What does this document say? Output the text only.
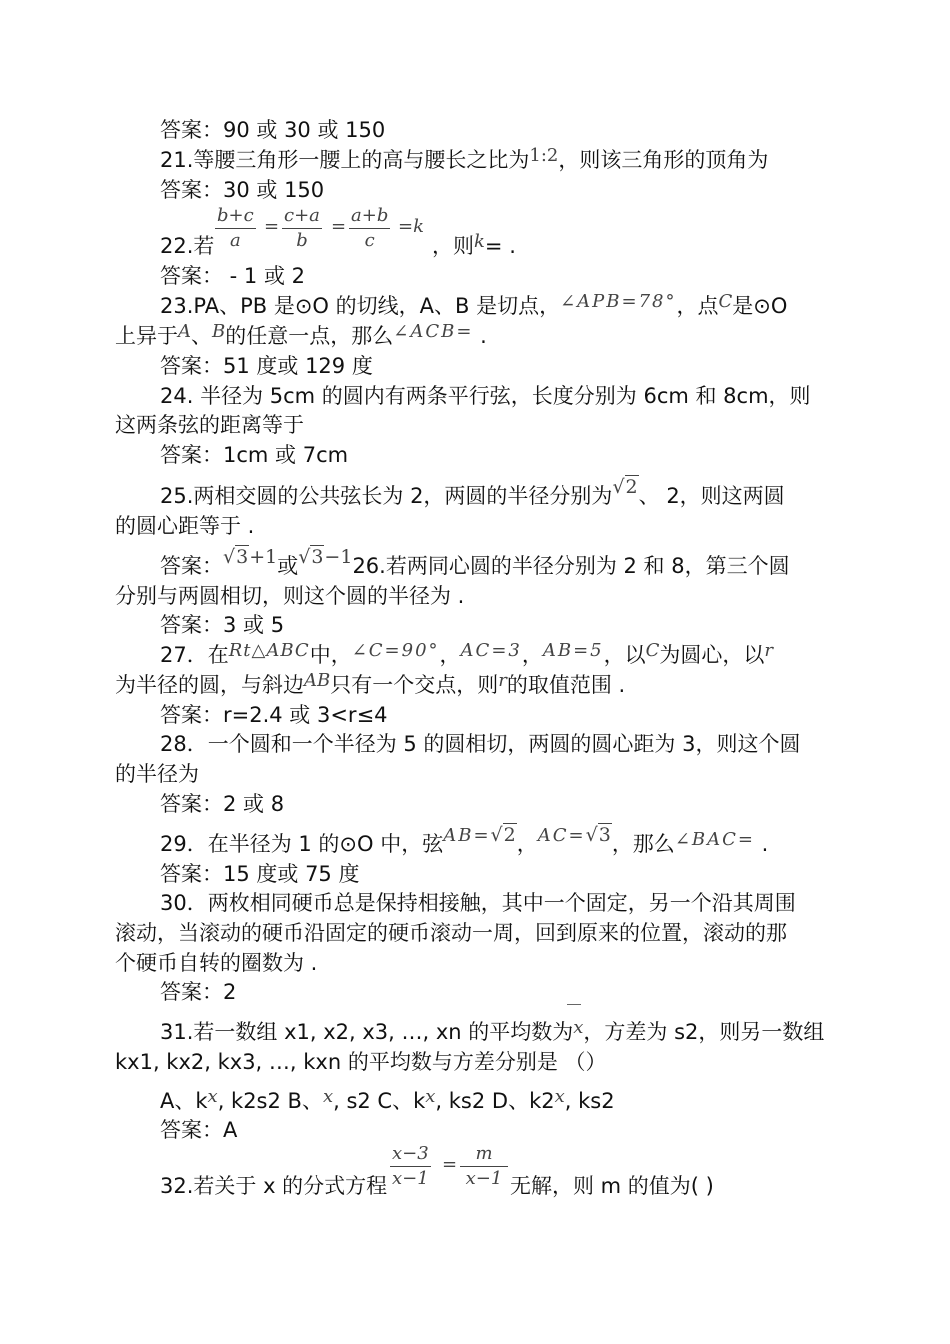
答案：90 或 30 或 150
21.等腰三角形一腰上的高与腰长之比为1:2，则该三角形的顶角为
答案：30 或 150
22.若 $\frac{b+c}{a} = \frac{c+a}{b} = \frac{a+b}{c} =k$
，则k= .
答案： - 1 或 2
23.PA、PB 是⊙O 的切线，A、B 是切点，∠APB=78°，点C是⊙O
上异于A、B的任意一点，那么∠ACB= .
答案：51 度或 129 度
24. 半径为 5cm 的圆内有两条平行弦，长度分别为 6cm 和 8cm，则
这两条弦的距离等于
答案：1cm 或 7cm
25.两相交圆的公共弦长为 2，两圆的半径分别为√2、 2，则这两圆
的圆心距等于 .
答案：√3+1或√3−126.若两同心圆的半径分别为 2 和 8，第三个圆
分别与两圆相切，则这个圆的半径为 .
答案：3 或 5
27．在Rt△ABC中，∠C=90°，AC=3，AB=5，以C为圆心，以r
为半径的圆，与斜边AB只有一个交点，则r的取值范围 .
答案：r=2.4 或 3<r≤4
28．一个圆和一个半径为 5 的圆相切，两圆的圆心距为 3，则这个圆
的半径为
答案：2 或 8
29．在半径为 1 的⊙O 中，弦AB=√2，AC=√3，那么∠BAC= .
答案：15 度或 75 度
30．两枚相同硬币总是保持相接触，其中一个固定，另一个沿其周围
滚动，当滚动的硬币沿固定的硬币滚动一周，回到原来的位置，滚动的那
个硬币自转的圈数为 .
答案：2
31.若一数组 x1, x2, x3, …, xn 的平均数为x，方差为 s2，则另一数组
kx1, kx2, kx3, …, kxn 的平均数与方差分别是 （）
A、kx, k2s2 B、x, s2 C、kx, ks2 D、k2x, ks2
答案：A
32.若关于 x 的分式方程 $\frac{x-3}{x-1} = \frac{m}{x-1}$ 无解，则 m 的值为( )
